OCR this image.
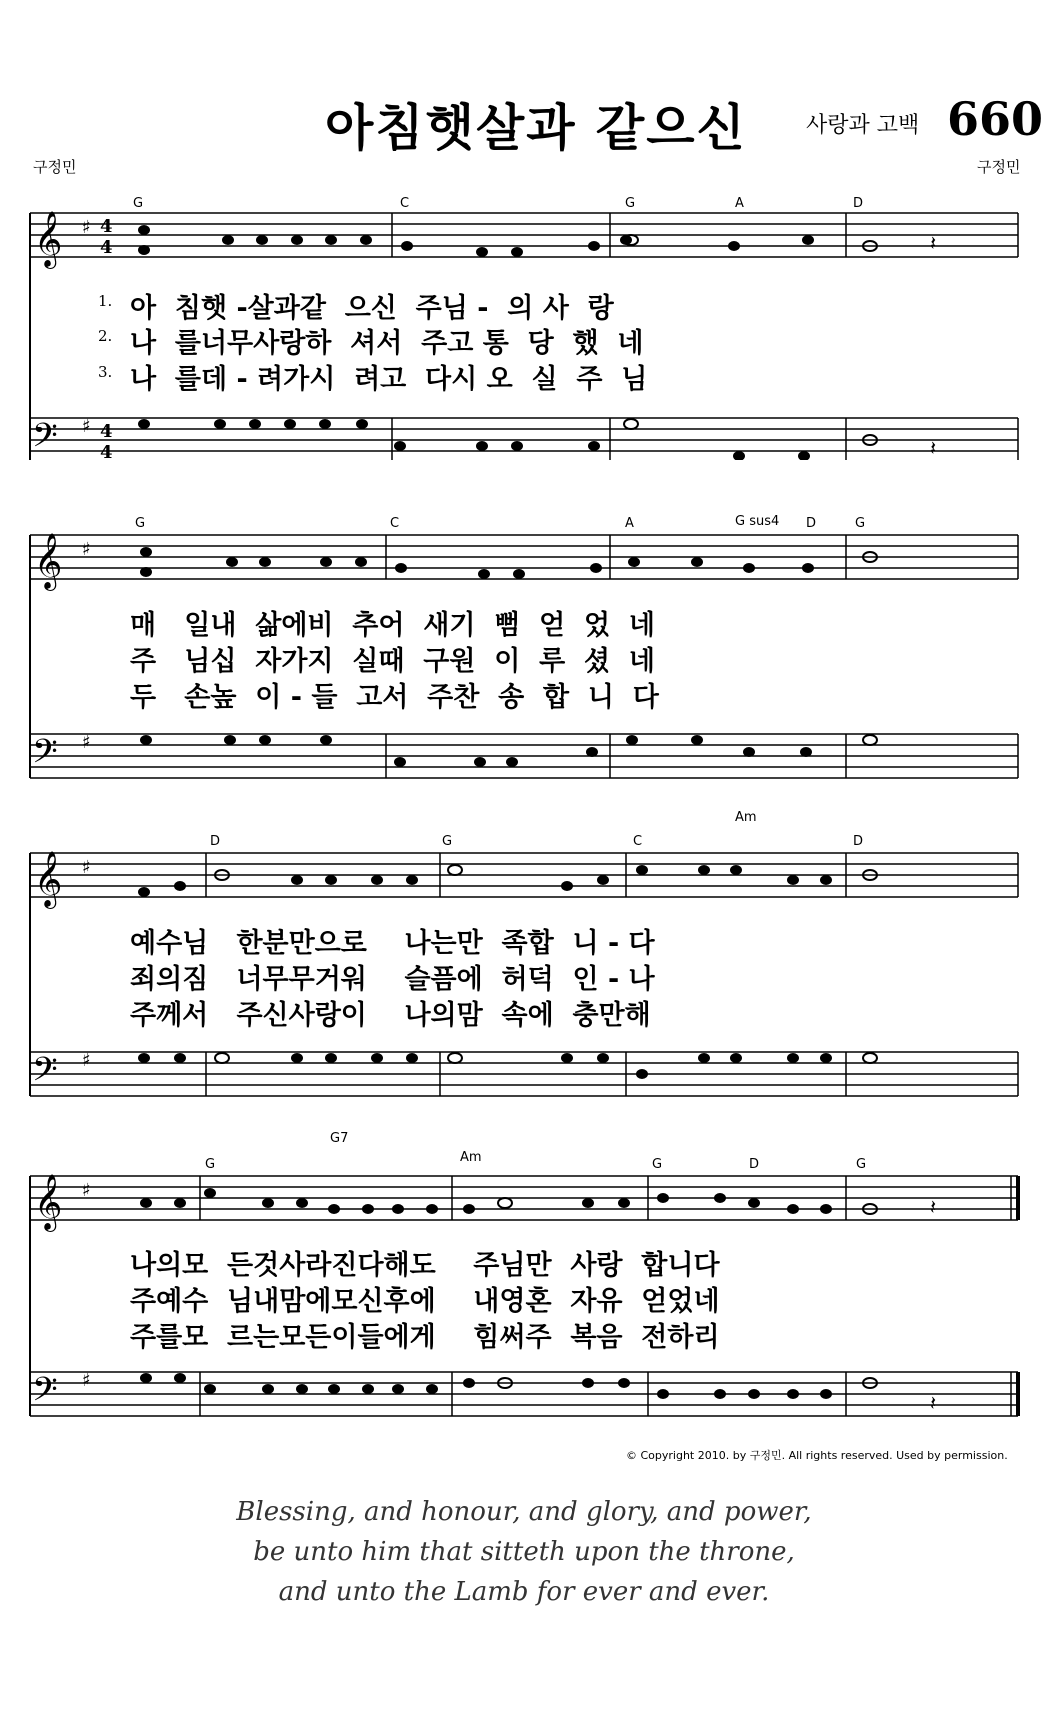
아침햇살과 같으신	사랑과 고백 660
구정민	구정민
𝄞
𝄢
♯
♯
4
4
4
4
𝄽
𝄽
G	C	G	A	D
1.
2.
3.
아  침햇 -살과같  으신  주님 -  의 사  랑
나  를너무사랑하  셔서  주고 통  당  했  네
나  를데 - 려가시  려고  다시 오  실  주  님
𝄞
𝄢
♯
♯
G	C	A	G sus4 D	G
매   일내  삶에비  추어  새기  뻠  얻  었  네
주   님십  자가지  실때  구원  이  루  셨  네
두   손높  이 - 들  고서  주찬  송  합  니  다
𝄞
𝄢
♯
♯
D	G	C
Am
D
예수님   한분만으로    나는만  족합  니 - 다
죄의짐   너무무거워    슬픔에  허덕  인 - 나
주께서   주신사랑이    나의맘  속에  충만해
𝄞
𝄢
♯
♯
𝄽
𝄽
G
G7
Am	G	D	G
나의모  든것사라진다해도    주님만  사랑  합니다
주예수  님내맘에모신후에    내영혼  자유  얻었네
주를모  르는모든이들에게    힘써주  복음  전하리
© Copyright 2010. by 구정민. All rights reserved. Used by permission.
Blessing, and honour, and glory, and power,
be unto him that sitteth upon the throne,
and unto the Lamb for ever and ever.
